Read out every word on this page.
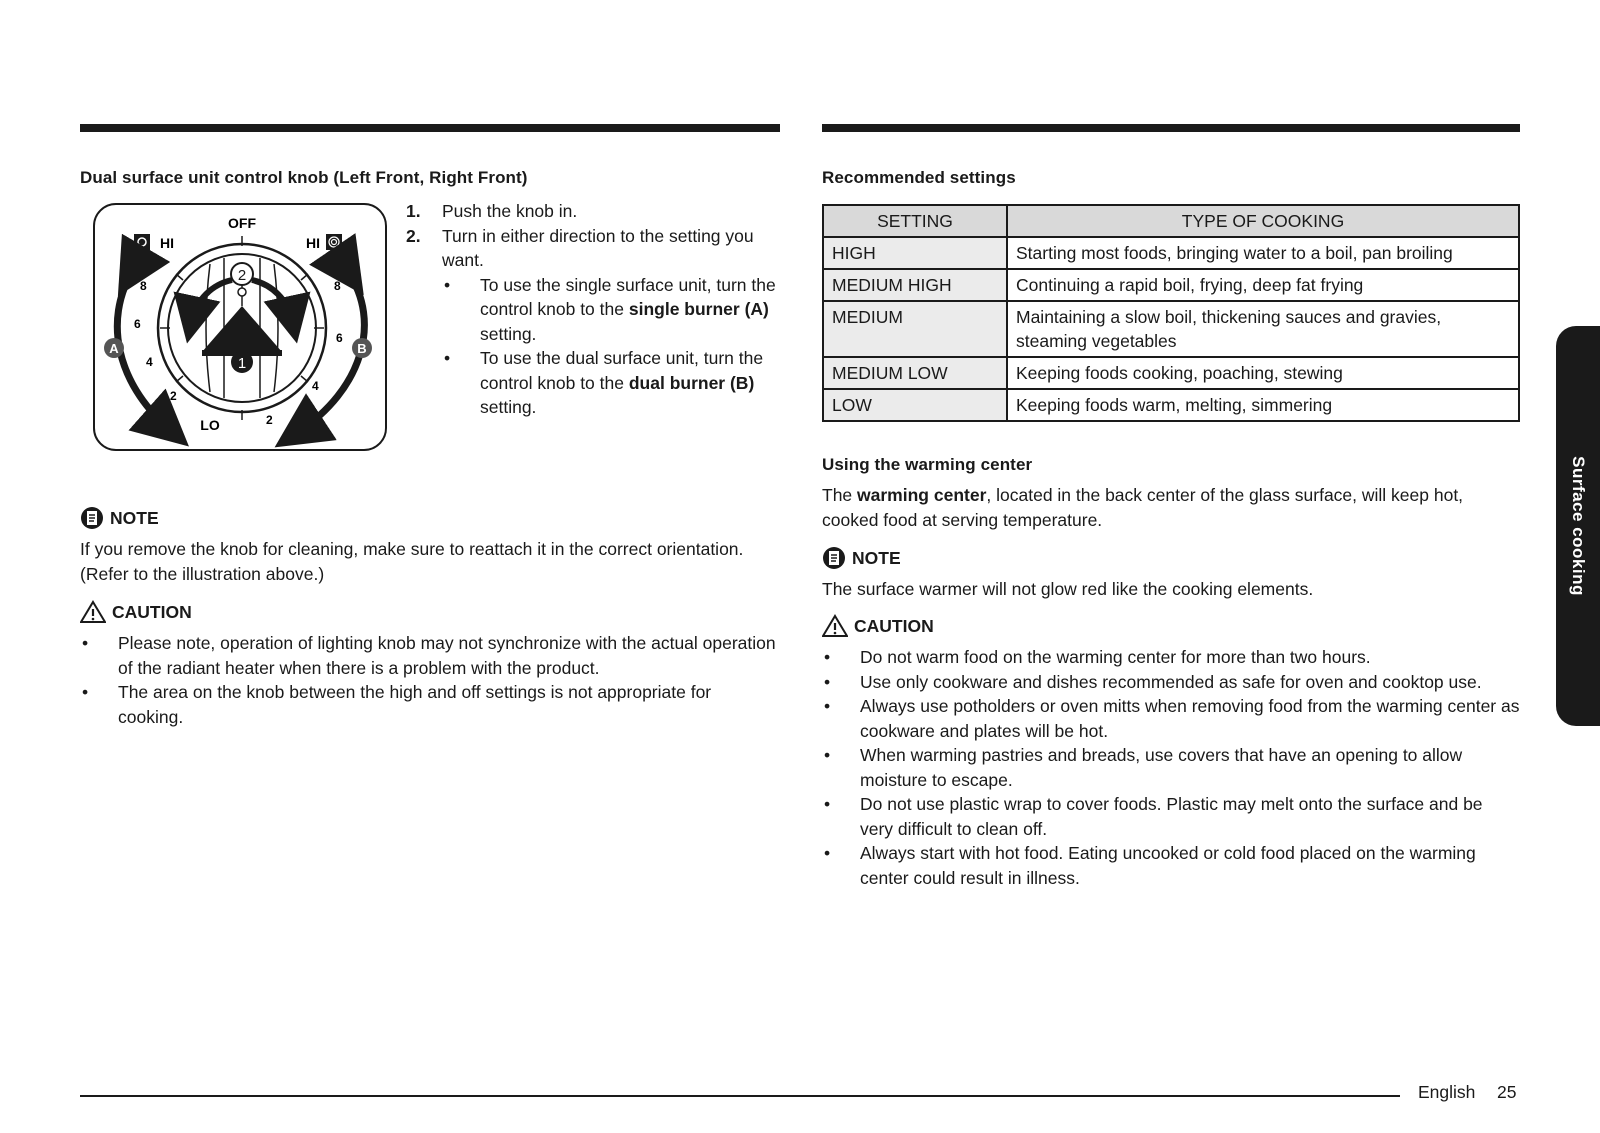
Dual surface unit control knob (Left Front, Right Front)
2
1
OFF
HI	HI
LO
8
6
4
2
8
6
4
2
A	B
1. Push the knob in.
2. Turn in either direction to the setting you want.
• To use the single surface unit, turn the control knob to the single burner (A) setting.
• To use the dual surface unit, turn the control knob to the dual burner (B) setting.
NOTE
If you remove the knob for cleaning, make sure to reattach it in the correct orientation. (Refer to the illustration above.)
CAUTION
• Please note, operation of lighting knob may not synchronize with the actual operation of the radiant heater when there is a problem with the product.
• The area on the knob between the high and off settings is not appropriate for cooking.
Recommended settings
SETTING	TYPE OF COOKING
HIGH	Starting most foods, bringing water to a boil, pan broiling
MEDIUM HIGH	Continuing a rapid boil, frying, deep fat frying
MEDIUM	Maintaining a slow boil, thickening sauces and gravies, steaming vegetables
MEDIUM LOW	Keeping foods cooking, poaching, stewing
LOW	Keeping foods warm, melting, simmering
Using the warming center
The warming center, located in the back center of the glass surface, will keep hot, cooked food at serving temperature.
NOTE
The surface warmer will not glow red like the cooking elements.
CAUTION
• Do not warm food on the warming center for more than two hours.
• Use only cookware and dishes recommended as safe for oven and cooktop use.
• Always use potholders or oven mitts when removing food from the warming center as cookware and plates will be hot.
• When warming pastries and breads, use covers that have an opening to allow moisture to escape.
• Do not use plastic wrap to cover foods. Plastic may melt onto the surface and be very difficult to clean off.
• Always start with hot food. Eating uncooked or cold food placed on the warming center could result in illness.
Surface cooking
English 25
